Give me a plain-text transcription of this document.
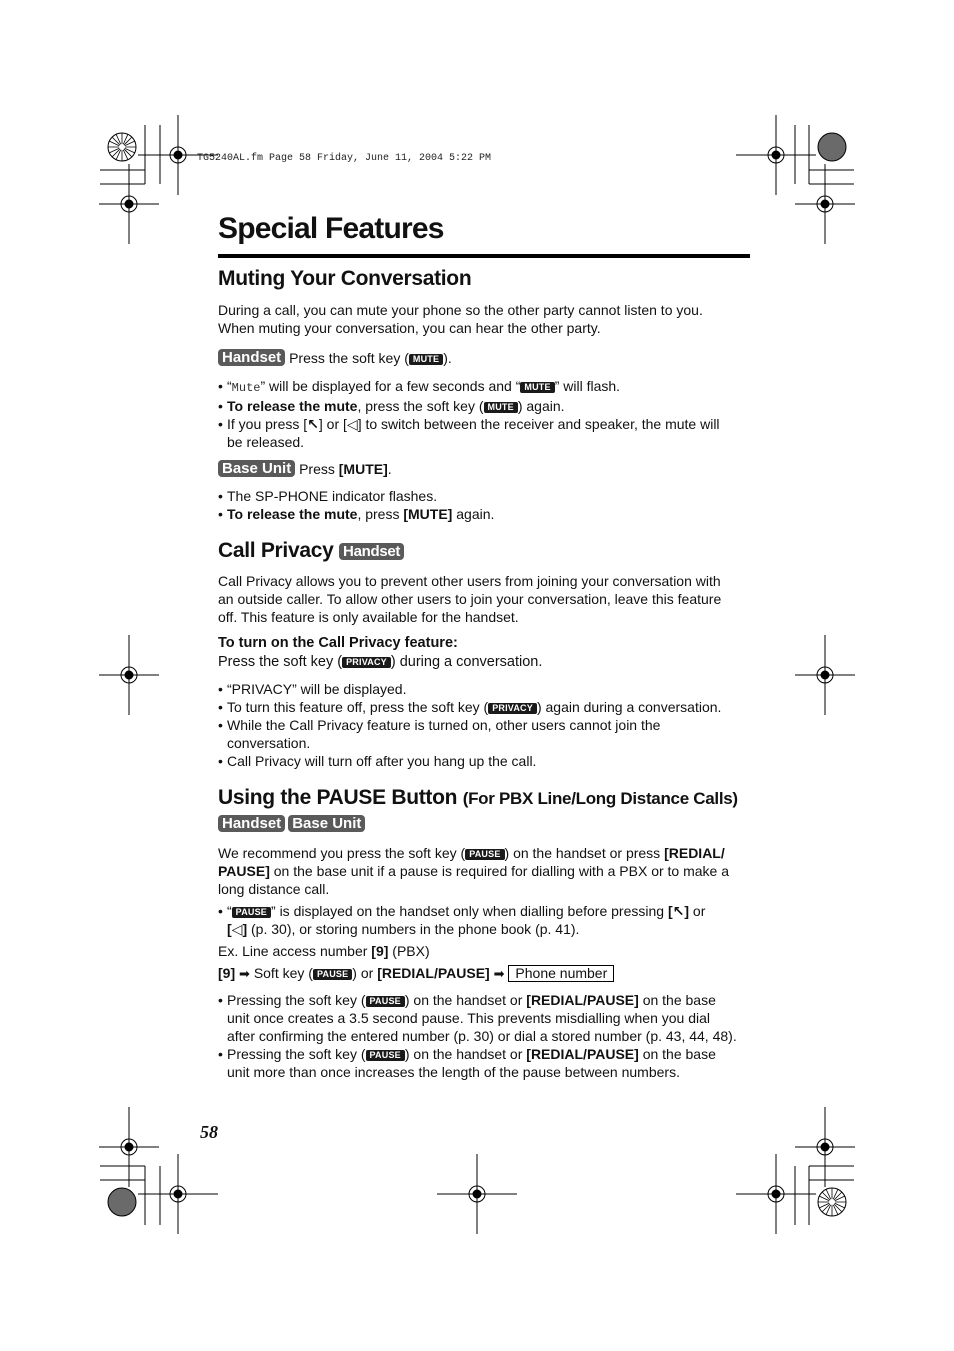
TG5240AL.fm Page 58 Friday, June 11, 2004 5:22 PM
Special Features
Muting Your Conversation
During a call, you can mute your phone so the other party cannot listen to you.
When muting your conversation, you can hear the other party.
Handset Press the soft key ( MUTE ).
• “Mute” will be displayed for a few seconds and “ MUTE ” will flash.
• To release the mute, press the soft key ( MUTE ) again.
• If you press [↖] or [◁] to switch between the receiver and speaker, the mute will
be released.
Base Unit Press [MUTE].
• The SP-PHONE indicator flashes.
• To release the mute, press [MUTE] again.
Call Privacy Handset
Call Privacy allows you to prevent other users from joining your conversation with
an outside caller. To allow other users to join your conversation, leave this feature
off. This feature is only available for the handset.
To turn on the Call Privacy feature:
Press the soft key ( PRIVACY ) during a conversation.
• “PRIVACY” will be displayed.
• To turn this feature off, press the soft key ( PRIVACY ) again during a conversation.
• While the Call Privacy feature is turned on, other users cannot join the
conversation.
• Call Privacy will turn off after you hang up the call.
Using the PAUSE Button (For PBX Line/Long Distance Calls)
Handset Base Unit
We recommend you press the soft key ( PAUSE ) on the handset or press [REDIAL/
PAUSE] on the base unit if a pause is required for dialling with a PBX or to make a
long distance call.
• “ PAUSE ” is displayed on the handset only when dialling before pressing [↖] or
[◁] (p. 30), or storing numbers in the phone book (p. 41).
Ex. Line access number [9] (PBX)
[9] ➡ Soft key ( PAUSE ) or [REDIAL/PAUSE] ➡ Phone number
• Pressing the soft key ( PAUSE ) on the handset or [REDIAL/PAUSE] on the base
unit once creates a 3.5 second pause. This prevents misdialling when you dial
after confirming the entered number (p. 30) or dial a stored number (p. 43, 44, 48).
• Pressing the soft key ( PAUSE ) on the handset or [REDIAL/PAUSE] on the base
unit more than once increases the length of the pause between numbers.
58
